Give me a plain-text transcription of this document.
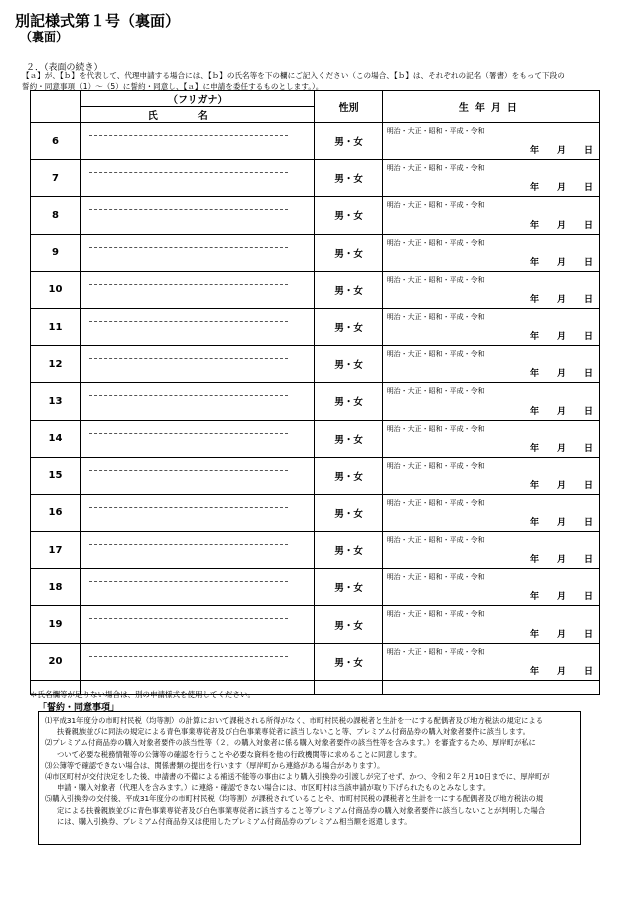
別記様式第１号（裏面）
（裏面）
２．（表面の続き）
【ａ】が、【ｂ】を代表して、代理申請する場合には、【ｂ】の氏名等を下の欄にご記入ください（この場合、【ｂ】は、それぞれの記名（署書）をもって下段の
誓約・同意事項（1）～（5）に誓約・同意し、【ａ】に申請を委任するものとします。）。
	（フリガナ）	性別	生年月日
	氏名		
6		男・女	明治・大正・昭和・平成・令和
年 月 日

7		男・女	明治・大正・昭和・平成・令和
年 月 日

8		男・女	明治・大正・昭和・平成・令和
年 月 日

9		男・女	明治・大正・昭和・平成・令和
年 月 日

10		男・女	明治・大正・昭和・平成・令和
年 月 日

11		男・女	明治・大正・昭和・平成・令和
年 月 日

12		男・女	明治・大正・昭和・平成・令和
年 月 日

13		男・女	明治・大正・昭和・平成・令和
年 月 日

14		男・女	明治・大正・昭和・平成・令和
年 月 日

15		男・女	明治・大正・昭和・平成・令和
年 月 日

16		男・女	明治・大正・昭和・平成・令和
年 月 日

17		男・女	明治・大正・昭和・平成・令和
年 月 日

18		男・女	明治・大正・昭和・平成・令和
年 月 日

19		男・女	明治・大正・昭和・平成・令和
年 月 日

20		男・女	明治・大正・昭和・平成・令和
年 月 日

＊氏名欄等が足りない場合は、別の申請様式を使用してください。
「誓約・同意事項」
⑴平成31年度分の市町村民税（均等割）の計算において課税される所得がなく、市町村民税の課税者と生計を一にする配偶者及び地方税法の規定による
扶養親族並びに同法の規定による青色事業専従者及び白色事業専従者に該当しないこと等、プレミアム付商品券の購入対象者要件に該当します。
⑵プレミアム付商品券の購入対象者要件の該当性等（２．の購入対象者に係る購入対象者要件の該当性等を含みます。）を審査するため、厚岸町が私に
ついて必要な税務情報等の公簿等の確認を行うことや必要な資料を他の行政機関等に求めることに同意します。
⑶公簿等で確認できない場合は、関係書類の提出を行います（厚岸町から連絡がある場合があります）。
⑷市区町村が交付決定をした後、申請書の不備による補送不能等の事由により購入引換券の引渡しが完了せず、かつ、令和２年２月10日までに、厚岸町が
申請・購入対象者（代理人を含みます。）に連絡・確認できない場合には、市区町村は当該申請が取り下げられたものとみなします。
⑸購入引換券の交付後、平成31年度分の市町村民税（均等割）が課税されていることや、市町村民税の課税者と生計を一にする配偶者及び地方税法の規
定による扶養親族並びに青色事業専従者及び白色事業専従者に該当すること等プレミアム付商品券の購入対象者要件に該当しないことが判明した場合
には、購入引換券、プレミアム付商品券又は使用したプレミアム付商品券のプレミアム相当額を返還します。
